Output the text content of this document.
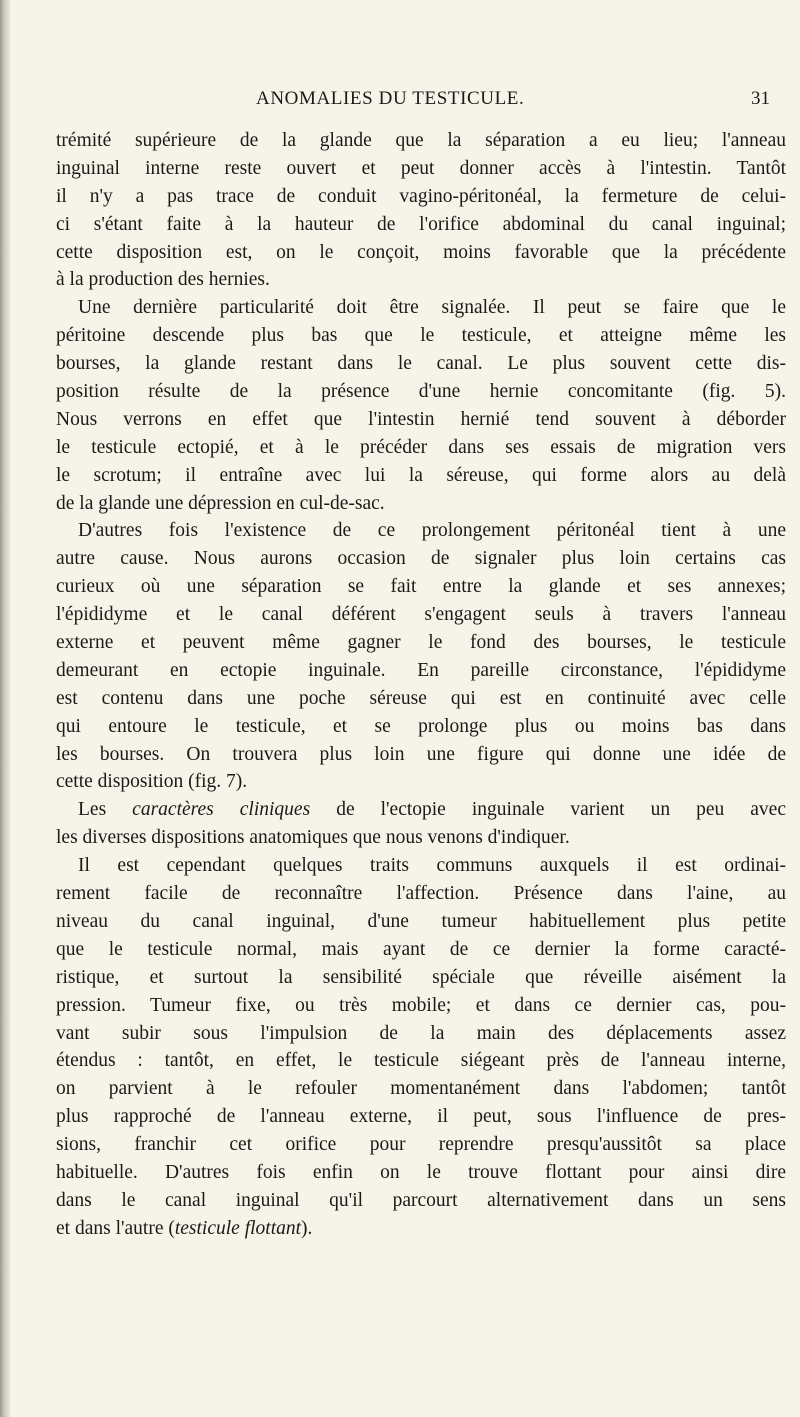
ANOMALIES DU TESTICULE.	31
trémité supérieure de la glande que la séparation a eu lieu; l'anneau
inguinal interne reste ouvert et peut donner accès à l'intestin. Tantôt
il n'y a pas trace de conduit vagino-péritonéal, la fermeture de celui-
ci s'étant faite à la hauteur de l'orifice abdominal du canal inguinal;
cette disposition est, on le conçoit, moins favorable que la précédente
à la production des hernies.
Une dernière particularité doit être signalée. Il peut se faire que le
péritoine descende plus bas que le testicule, et atteigne même les
bourses, la glande restant dans le canal. Le plus souvent cette dis-
position résulte de la présence d'une hernie concomitante (fig. 5).
Nous verrons en effet que l'intestin hernié tend souvent à déborder
le testicule ectopié, et à le précéder dans ses essais de migration vers
le scrotum; il entraîne avec lui la séreuse, qui forme alors au delà
de la glande une dépression en cul-de-sac.
D'autres fois l'existence de ce prolongement péritonéal tient à une
autre cause. Nous aurons occasion de signaler plus loin certains cas
curieux où une séparation se fait entre la glande et ses annexes;
l'épididyme et le canal déférent s'engagent seuls à travers l'anneau
externe et peuvent même gagner le fond des bourses, le testicule
demeurant en ectopie inguinale. En pareille circonstance, l'épididyme
est contenu dans une poche séreuse qui est en continuité avec celle
qui entoure le testicule, et se prolonge plus ou moins bas dans
les bourses. On trouvera plus loin une figure qui donne une idée de
cette disposition (fig. 7).
Les caractères cliniques de l'ectopie inguinale varient un peu avec
les diverses dispositions anatomiques que nous venons d'indiquer.
Il est cependant quelques traits communs auxquels il est ordinai-
rement facile de reconnaître l'affection. Présence dans l'aine, au
niveau du canal inguinal, d'une tumeur habituellement plus petite
que le testicule normal, mais ayant de ce dernier la forme caracté-
ristique, et surtout la sensibilité spéciale que réveille aisément la
pression. Tumeur fixe, ou très mobile; et dans ce dernier cas, pou-
vant subir sous l'impulsion de la main des déplacements assez
étendus : tantôt, en effet, le testicule siégeant près de l'anneau interne,
on parvient à le refouler momentanément dans l'abdomen; tantôt
plus rapproché de l'anneau externe, il peut, sous l'influence de pres-
sions, franchir cet orifice pour reprendre presqu'aussitôt sa place
habituelle. D'autres fois enfin on le trouve flottant pour ainsi dire
dans le canal inguinal qu'il parcourt alternativement dans un sens
et dans l'autre (testicule flottant).
